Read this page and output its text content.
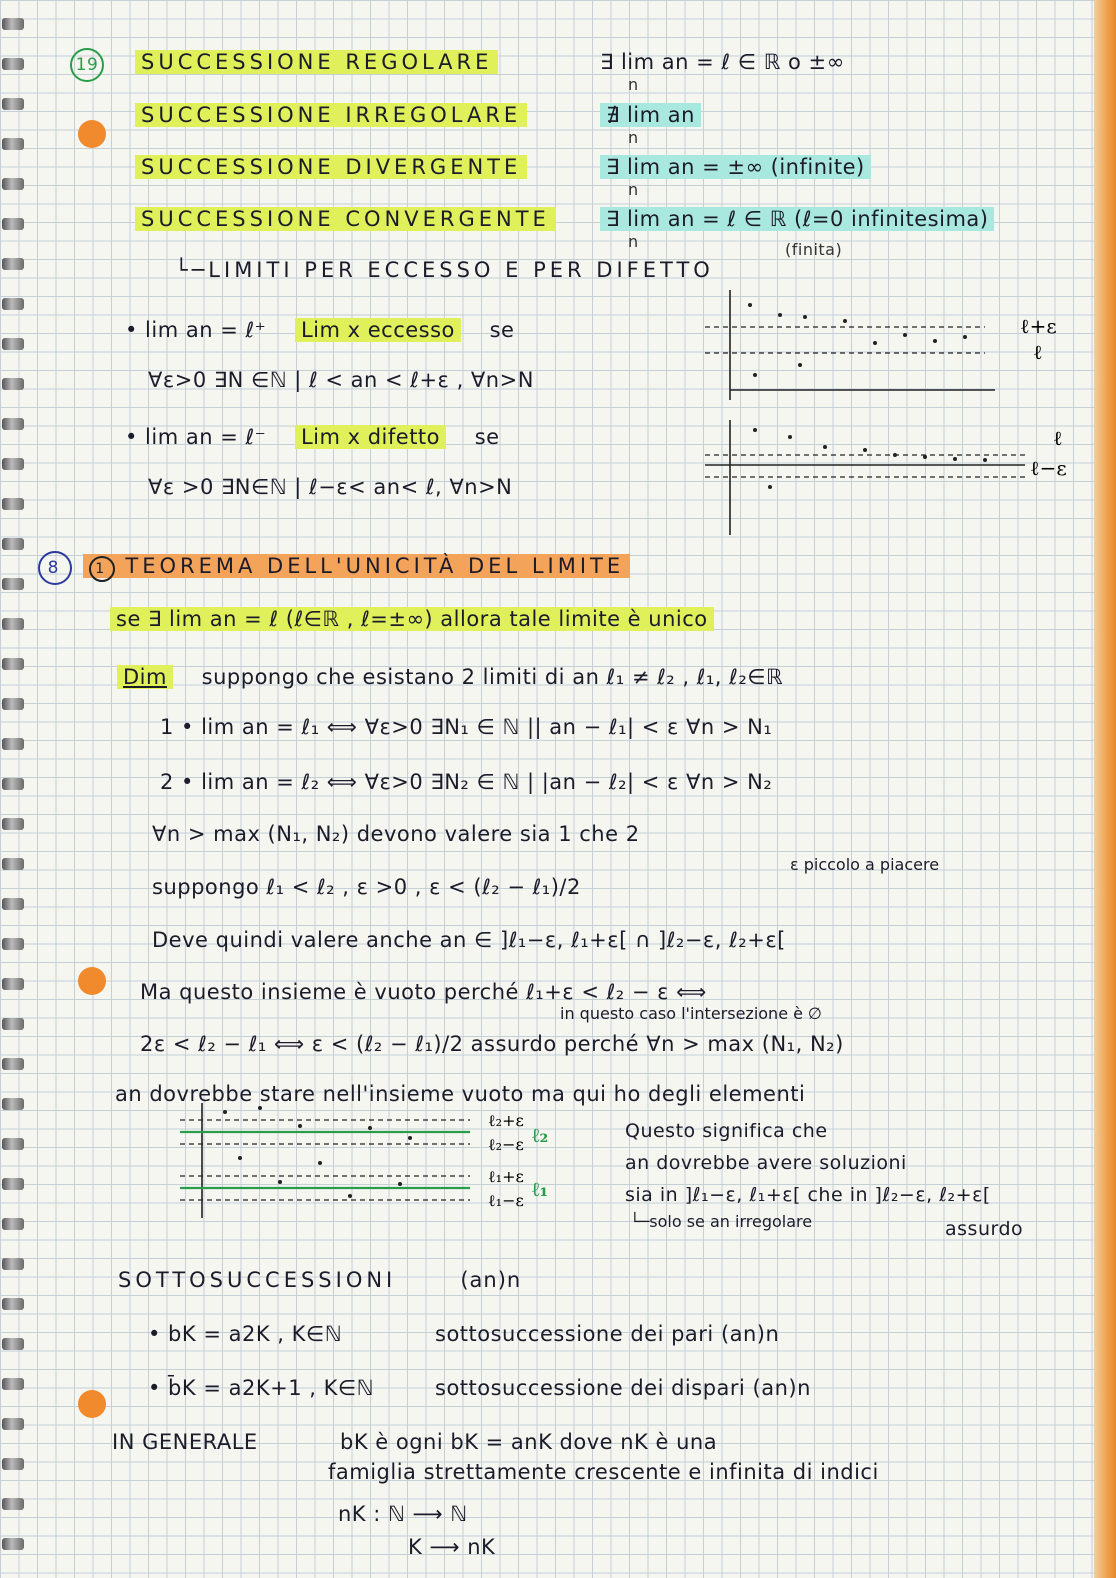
19 SUCCESSIONE REGOLARE	∃ lim an = ℓ ∈ ℝ o ±∞
n
SUCCESSIONE IRREGOLARE	∄ lim an
n
SUCCESSIONE DIVERGENTE	∃ lim an = ±∞ (infinite)
n
SUCCESSIONE CONVERGENTE	∃ lim an = ℓ ∈ ℝ (ℓ=0 infinitesima)
n	(finita)
└─LIMITI PER ECCESSO E PER DIFETTO
• lim an = ℓ⁺ Lim x eccesso se
∀ε>0 ∃N ∈ℕ | ℓ < an < ℓ+ε , ∀n>N
• lim an = ℓ⁻ Lim x difetto se
∀ε >0 ∃N∈ℕ | ℓ−ε< an< ℓ, ∀n>N
ℓ+ε
ℓ
ℓ
ℓ−ε
8 1 TEOREMA DELL'UNICITÀ DEL LIMITE
se ∃ lim an = ℓ (ℓ∈ℝ , ℓ=±∞) allora tale limite è unico
Dim suppongo che esistano 2 limiti di an ℓ₁ ≠ ℓ₂ , ℓ₁, ℓ₂∈ℝ
1 • lim an = ℓ₁ ⟺ ∀ε>0 ∃N₁ ∈ ℕ || an − ℓ₁| < ε ∀n > N₁
2 • lim an = ℓ₂ ⟺ ∀ε>0 ∃N₂ ∈ ℕ | |an − ℓ₂| < ε ∀n > N₂
∀n > max (N₁, N₂) devono valere sia 1 che 2
ε piccolo a piacere
suppongo ℓ₁ < ℓ₂ , ε >0 , ε < (ℓ₂ − ℓ₁)/2
Deve quindi valere anche an ∈ ]ℓ₁−ε, ℓ₁+ε[ ∩ ]ℓ₂−ε, ℓ₂+ε[
Ma questo insieme è vuoto perché ℓ₁+ε < ℓ₂ − ε ⟺
in questo caso l'intersezione è ∅
2ε < ℓ₂ − ℓ₁ ⟺ ε < (ℓ₂ − ℓ₁)/2 assurdo perché ∀n > max (N₁, N₂)
an dovrebbe stare nell'insieme vuoto ma qui ho degli elementi
ℓ₂+ε
ℓ₂−ε
ℓ₁+ε
ℓ₁−ε
ℓ₂
ℓ₁
Questo significa che
an dovrebbe avere soluzioni
sia in ]ℓ₁−ε, ℓ₁+ε[ che in ]ℓ₂−ε, ℓ₂+ε[
└─solo se an irregolare	assurdo
SOTTOSUCCESSIONI	(an)n
• bK = a2K , K∈ℕ	sottosuccessione dei pari (an)n
• b̄K = a2K+1 , K∈ℕ	sottosuccessione dei dispari (an)n
IN GENERALE	bK è ogni bK = anK dove nK è una
famiglia strettamente crescente e infinita di indici
nK : ℕ ⟶ ℕ
K ⟶ nK
